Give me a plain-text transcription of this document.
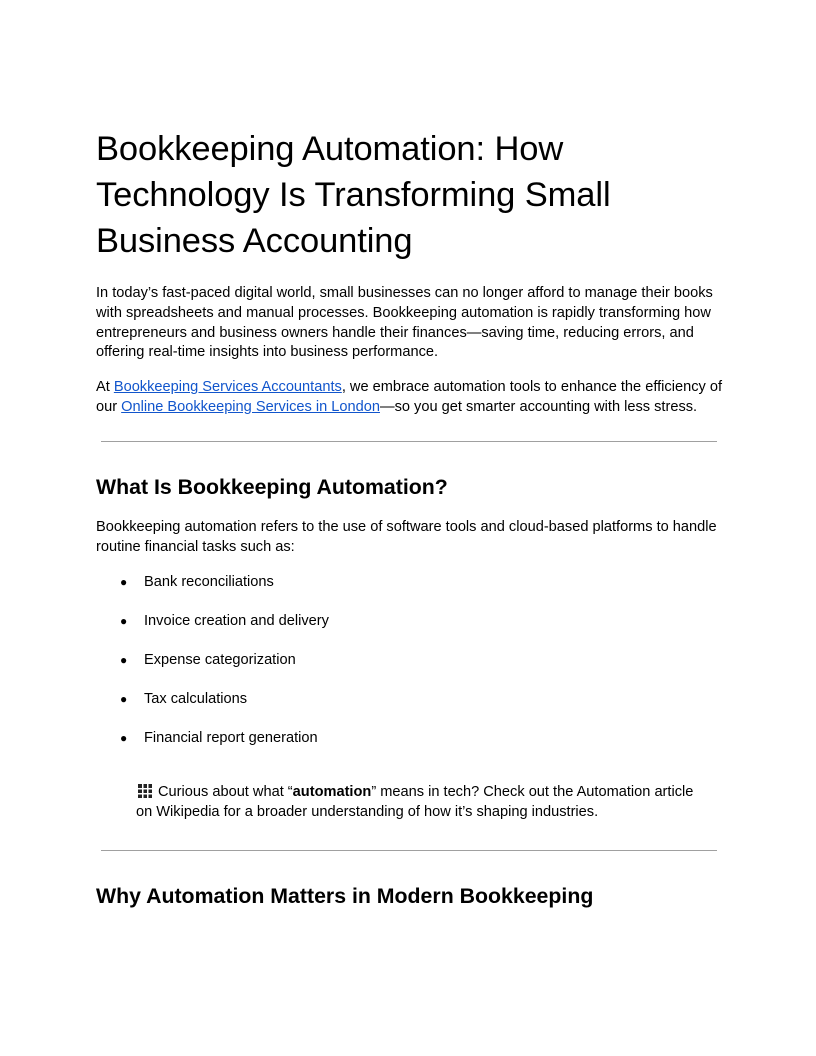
Bookkeeping Automation: How Technology Is Transforming Small Business Accounting

In today’s fast-paced digital world, small businesses can no longer afford to manage their books with spreadsheets and manual processes. Bookkeeping automation is rapidly transforming how entrepreneurs and business owners handle their finances—saving time, reducing errors, and offering real-time insights into business performance.

At Bookkeeping Services Accountants, we embrace automation tools to enhance the efficiency of our Online Bookkeeping Services in London—so you get smarter accounting with less stress.

What Is Bookkeeping Automation?

Bookkeeping automation refers to the use of software tools and cloud-based platforms to handle routine financial tasks such as:

● Bank reconciliations
● Invoice creation and delivery
● Expense categorization
● Tax calculations
● Financial report generation
Curious about what “automation” means in tech? Check out the Automation article on Wikipedia for a broader understanding of how it’s shaping industries.
Why Automation Matters in Modern Bookkeeping
